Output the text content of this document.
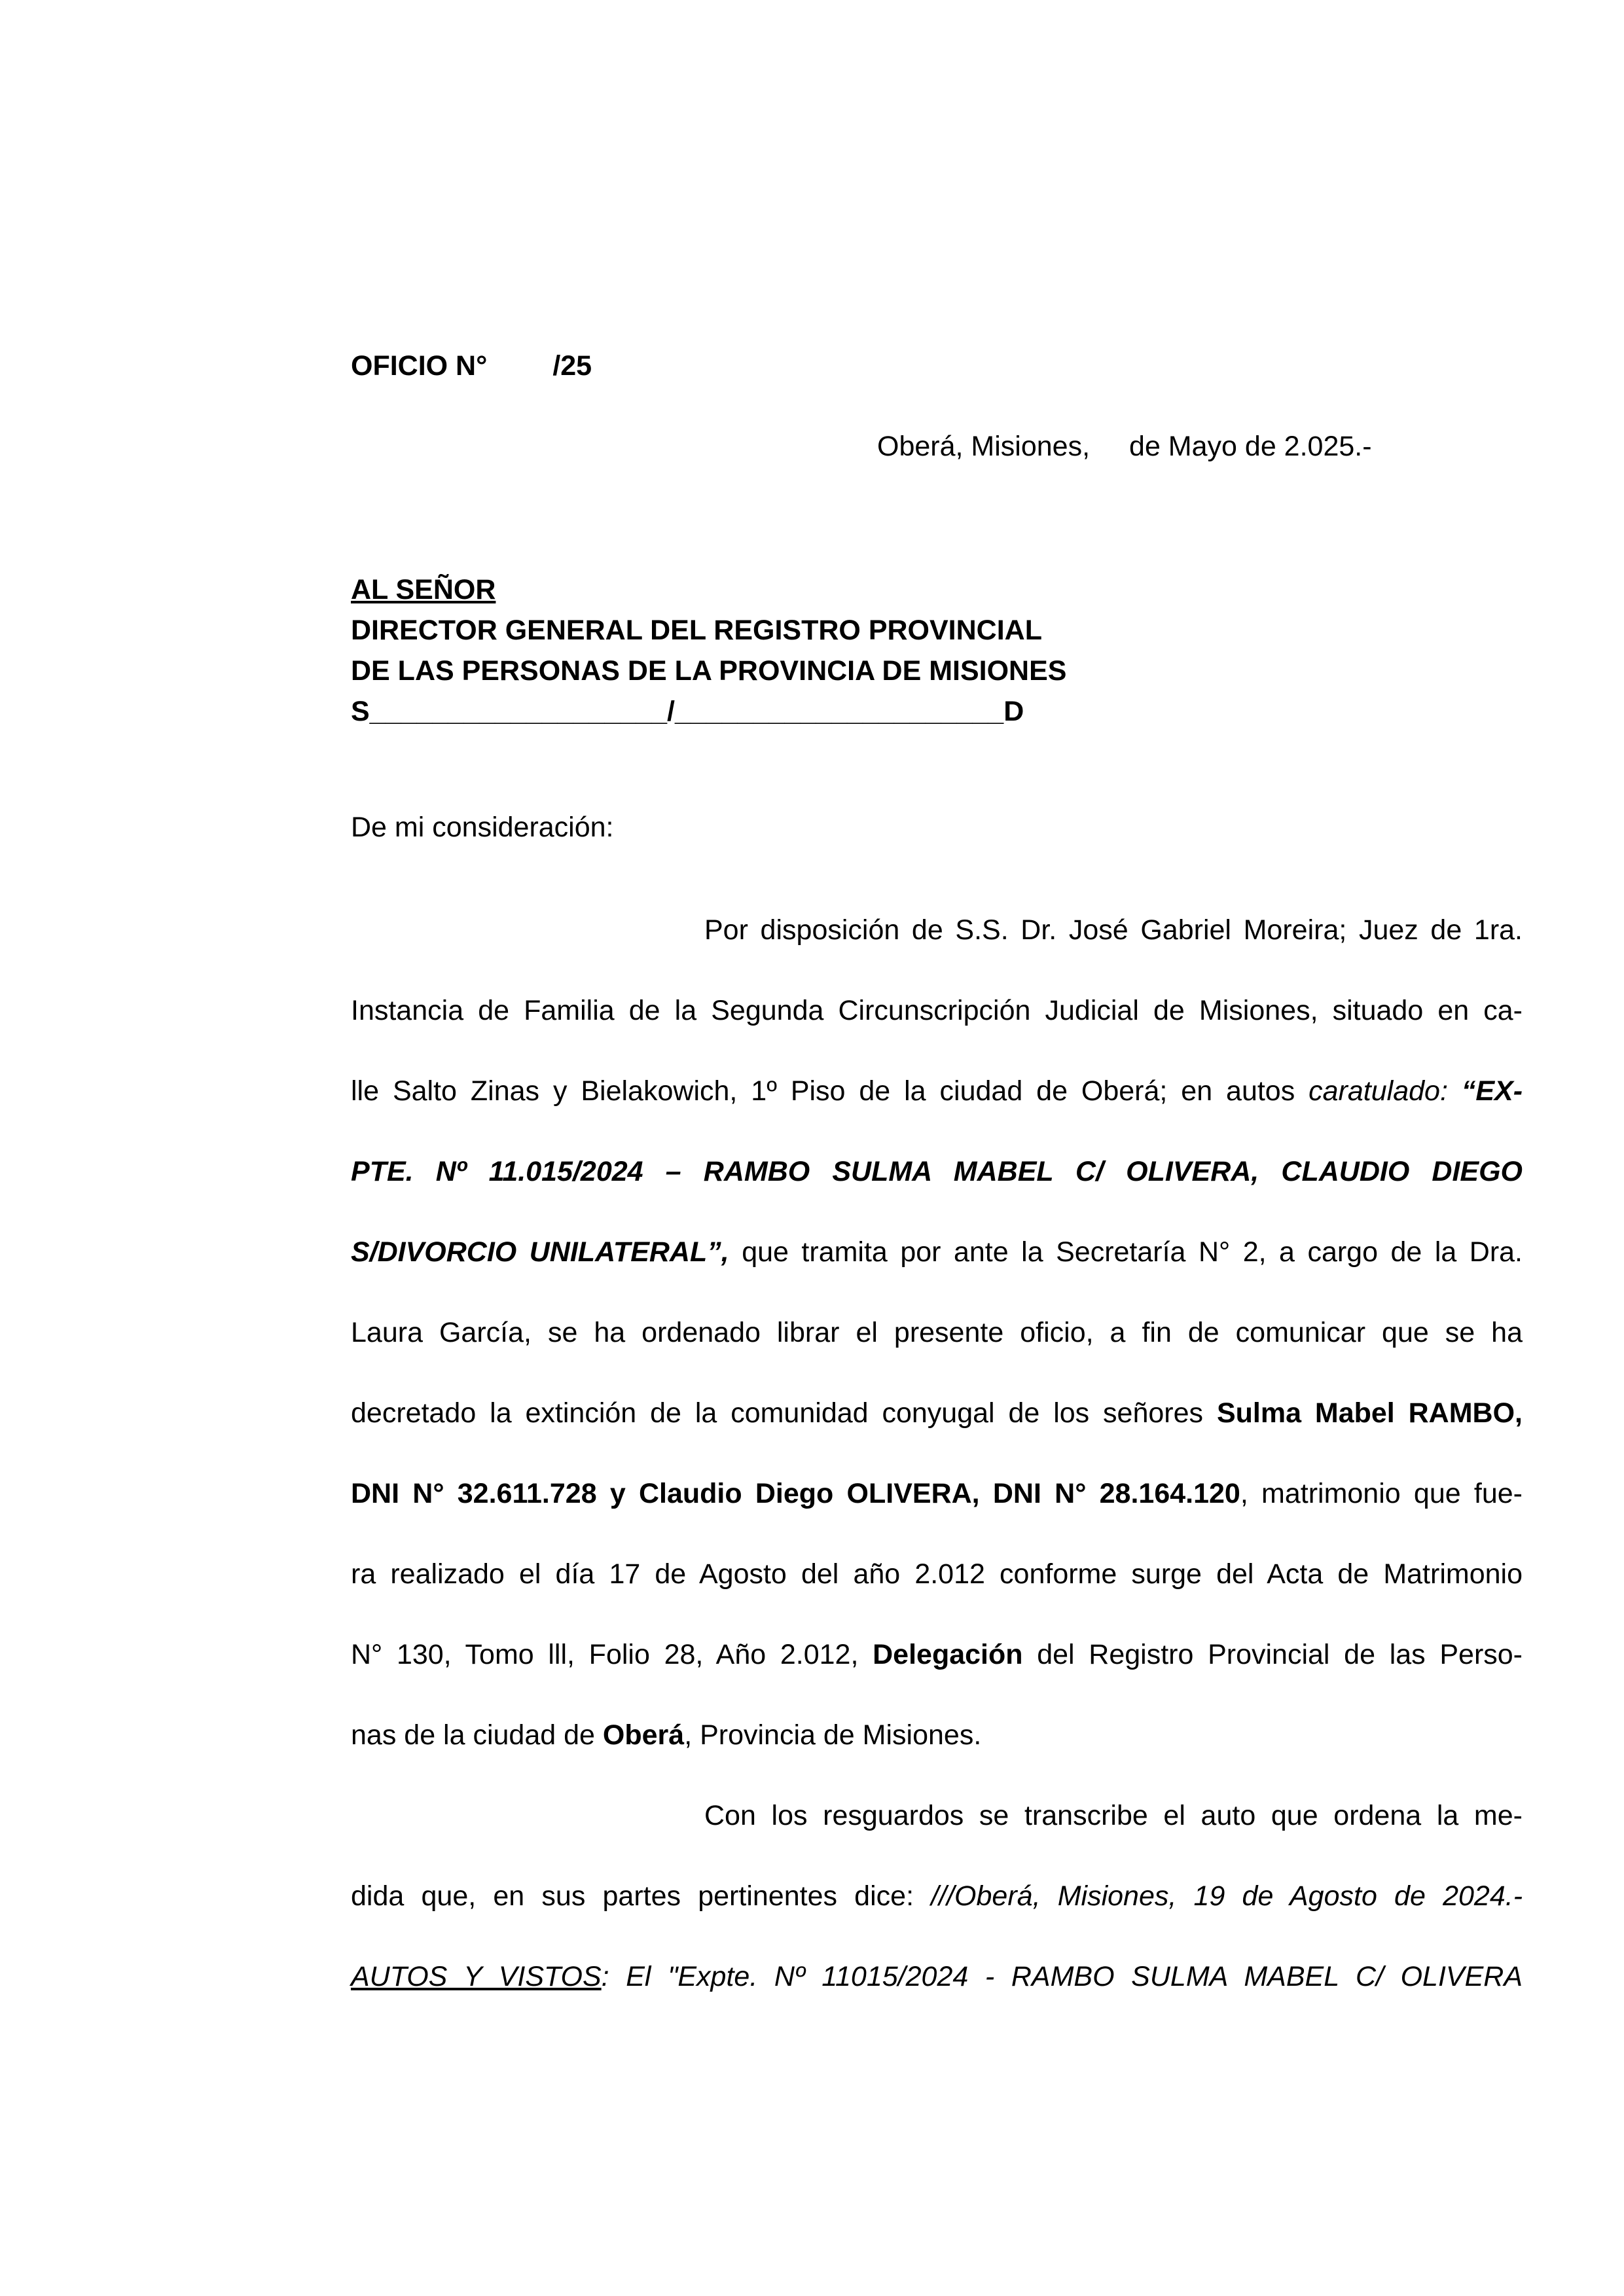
OFICIO N° /25
Oberá, Misiones, de Mayo de 2.025.-
AL SEÑOR
DIRECTOR GENERAL DEL REGISTRO PROVINCIAL
DE LAS PERSONAS DE LA PROVINCIA DE MISIONES
S___________________/_____________________D
De mi consideración:
Por disposición de S.S. Dr. José Gabriel Moreira; Juez de 1ra.
Instancia de Familia de la Segunda Circunscripción Judicial de Misiones, situado en ca-
lle Salto Zinas y Bielakowich, 1º Piso de la ciudad de Oberá; en autos caratulado: “EX-
PTE. Nº 11.015/2024 – RAMBO SULMA MABEL C/ OLIVERA, CLAUDIO DIEGO
S/DIVORCIO UNILATERAL”, que tramita por ante la Secretaría N° 2, a cargo de la Dra.
Laura García, se ha ordenado librar el presente oficio, a fin de comunicar que se ha
decretado la extinción de la comunidad conyugal de los señores Sulma Mabel RAMBO,
DNI N° 32.611.728 y Claudio Diego OLIVERA, DNI N° 28.164.120, matrimonio que fue-
ra realizado el día 17 de Agosto del año 2.012 conforme surge del Acta de Matrimonio
N° 130, Tomo lll, Folio 28, Año 2.012, Delegación del Registro Provincial de las Perso-
nas de la ciudad de Oberá, Provincia de Misiones.
Con los resguardos se transcribe el auto que ordena la me-
dida que, en sus partes pertinentes dice: ///Oberá, Misiones, 19 de Agosto de 2024.-
AUTOS Y VISTOS: El "Expte. Nº 11015/2024 - RAMBO SULMA MABEL C/ OLIVERA
